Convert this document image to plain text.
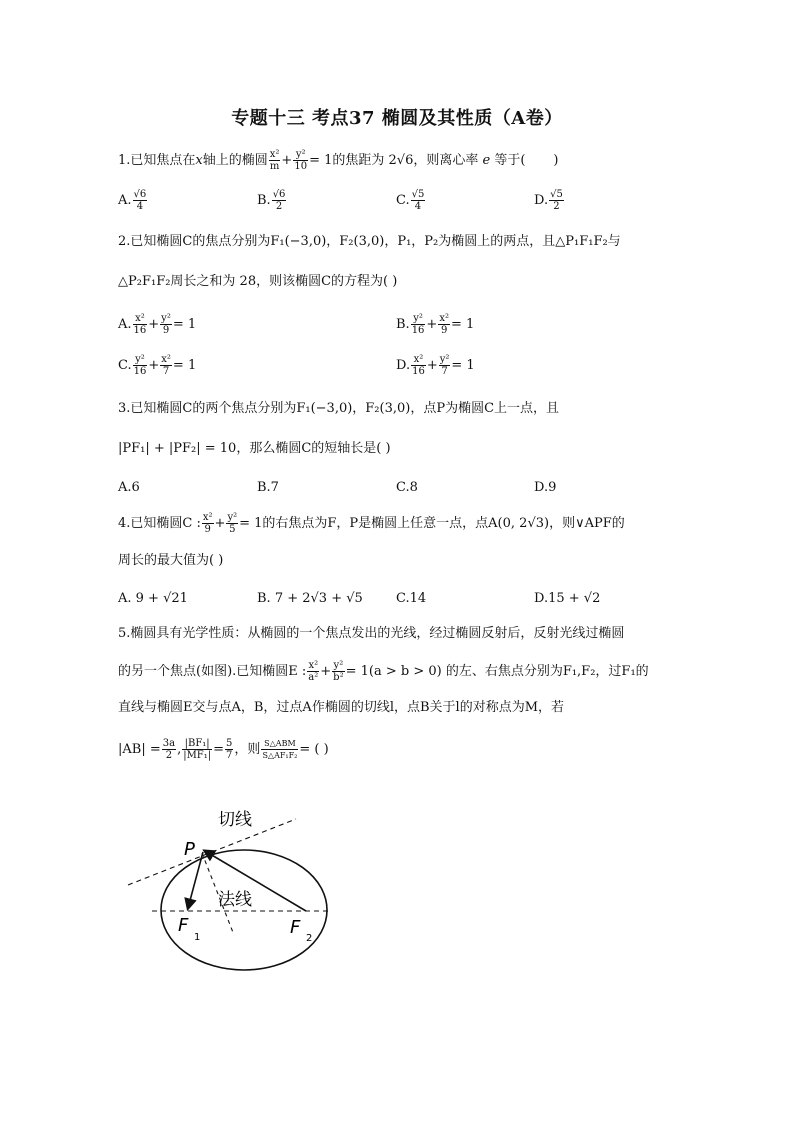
专题十三 考点37 椭圆及其性质（A卷）
1.已知焦点在x轴上的椭圆 $\frac{\text{x²}}{m} + \frac{\text{y²}}{10} = 1$的焦距为 2√6，则离心率 e 等于( )
A. $\frac{√6}{4}$	B. $\frac{√6}{2}$	C. $\frac{√5}{4}$	D. $\frac{√5}{2}$
2.已知椭圆C的焦点分别为F₁(−3,0)，F₂(3,0)，P₁，P₂为椭圆上的两点，且△P₁F₁F₂与
△P₂F₁F₂周长之和为 28，则该椭圆C的方程为( )
A. $\frac{\text{x²}}{16} + \frac{\text{y²}}{9} = 1$	B. $\frac{\text{y²}}{16} + \frac{\text{x²}}{9} = 1$
C. $\frac{\text{y²}}{16} + \frac{\text{x²}}{7} = 1$	D. $\frac{\text{x²}}{16} + \frac{\text{y²}}{7} = 1$
3.已知椭圆C的两个焦点分别为F₁(−3,0)，F₂(3,0)，点P为椭圆C上一点，且
|PF₁| + |PF₂| = 10，那么椭圆C的短轴长是( )
A.6	B.7	C.8	D.9
4.已知椭圆C : $\frac{\text{x²}}{9} + \frac{\text{y²}}{5} = 1$的右焦点为F，P是椭圆上任意一点，点A(0, 2√3)，则∨APF的
周长的最大值为( )
A. 9 + √21	B. 7 + 2√3 + √5	C.14	D.15 + √2
5.椭圆具有光学性质：从椭圆的一个焦点发出的光线，经过椭圆反射后，反射光线过椭圆
的另一个焦点(如图).已知椭圆E : $\frac{\text{x²}}{\text{a²}} + \frac{\text{y²}}{\text{b²}} = 1(a > b > 0)$ 的左、右焦点分别为F₁,F₂，过F₁的
直线与椭圆E交与点A，B，过点A作椭圆的切线l，点B关于l的对称点为M，若
$|AB| = \frac{3a}{2}$ , $\frac{\text{|BF₁|}}{\text{|MF₁|}} = \frac{5}{7}$ ，则 $\frac{\text{S△ABM}}{\text{S△AF₁F₂}}$ = ( )
切线
法线
P
F
1	F
2
